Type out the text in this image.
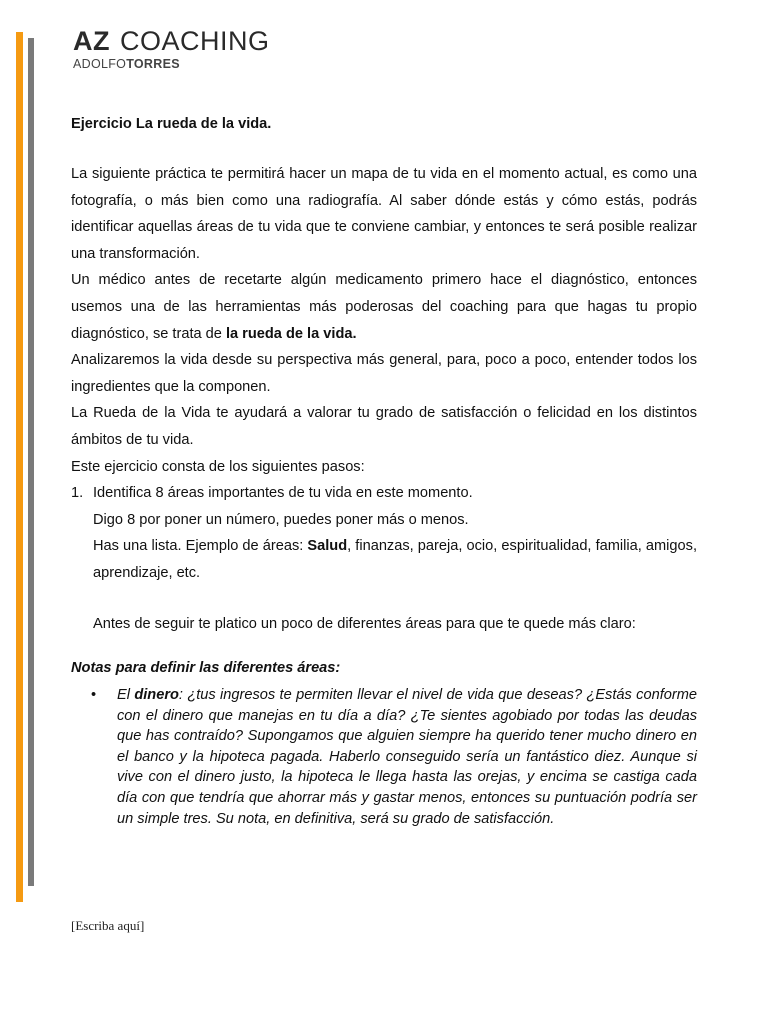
AZ COACHING
ADOLFOTORRES

Ejercicio La rueda de la vida.

La siguiente práctica te permitirá hacer un mapa de tu vida en el momento actual, es como una fotografía, o más bien como una radiografía. Al saber dónde estás y cómo estás, podrás identificar aquellas áreas de tu vida que te conviene cambiar, y entonces te será posible realizar una transformación.

Un médico antes de recetarte algún medicamento primero hace el diagnóstico, entonces usemos una de las herramientas más poderosas del coaching para que hagas tu propio diagnóstico, se trata de la rueda de la vida.

Analizaremos la vida desde su perspectiva más general, para, poco a poco, entender todos los ingredientes que la componen.

La Rueda de la Vida te ayudará a valorar tu grado de satisfacción o felicidad en los distintos ámbitos de tu vida.

Este ejercicio consta de los siguientes pasos:

1. Identifica 8 áreas importantes de tu vida en este momento.

Digo 8 por poner un número, puedes poner más o menos.

Has una lista. Ejemplo de áreas: Salud, finanzas, pareja, ocio, espiritualidad, familia, amigos, aprendizaje, etc.

Antes de seguir te platico un poco de diferentes áreas para que te quede más claro:

Notas para definir las diferentes áreas:

• El dinero: ¿tus ingresos te permiten llevar el nivel de vida que deseas? ¿Estás conforme con el dinero que manejas en tu día a día? ¿Te sientes agobiado por todas las deudas que has contraído? Supongamos que alguien siempre ha querido tener mucho dinero en el banco y la hipoteca pagada. Haberlo conseguido sería un fantástico diez. Aunque si vive con el dinero justo, la hipoteca le llega hasta las orejas, y encima se castiga cada día con que tendría que ahorrar más y gastar menos, entonces su puntuación podría ser un simple tres. Su nota, en definitiva, será su grado de satisfacción.
[Escriba aquí]
